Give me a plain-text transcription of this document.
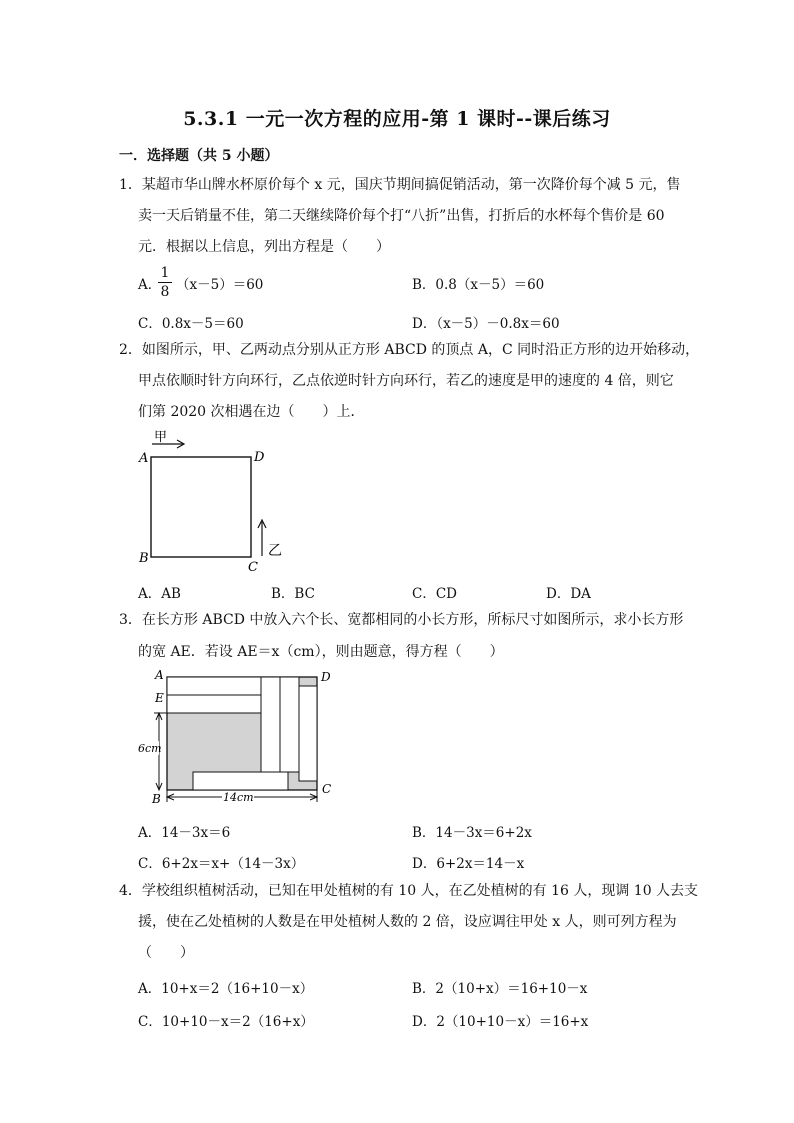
5.3.1 一元一次方程的应用-第 1 课时--课后练习
一．选择题（共 5 小题）
1．某超市华山牌水杯原价每个 x 元，国庆节期间搞促销活动，第一次降价每个减 5 元，售
卖一天后销量不佳，第二天继续降价每个打“八折”出售，打折后的水杯每个售价是 60
元．根据以上信息，列出方程是（　　）
A．
1
8 （x－5）＝60	B．0.8（x－5）＝60
C．0.8x－5＝60	D．（x－5）－0.8x＝60
2．如图所示，甲、乙两动点分别从正方形 ABCD 的顶点 A，C 同时沿正方形的边开始移动，
甲点依顺时针方向环行，乙点依逆时针方向环行，若乙的速度是甲的速度的 4 倍，则它
们第 2020 次相遇在边（　　）上．
甲
乙
A	D
B
C
A．AB	B．BC	C．CD	D．DA
3．在长方形 ABCD 中放入六个长、宽都相同的小长方形，所标尺寸如图所示，求小长方形
的宽 AE．若设 AE＝x（cm），则由题意，得方程（　　）
A
E
D
B
C
6cm
14cm
A．14－3x＝6	B．14－3x＝6+2x
C．6+2x＝x+（14－3x）	D．6+2x＝14－x
4．学校组织植树活动，已知在甲处植树的有 10 人，在乙处植树的有 16 人，现调 10 人去支
援，使在乙处植树的人数是在甲处植树人数的 2 倍，设应调往甲处 x 人，则可列方程为
（　　）
A．10+x＝2（16+10－x）	B．2（10+x）＝16+10－x
C．10+10－x＝2（16+x）	D．2（10+10－x）＝16+x
